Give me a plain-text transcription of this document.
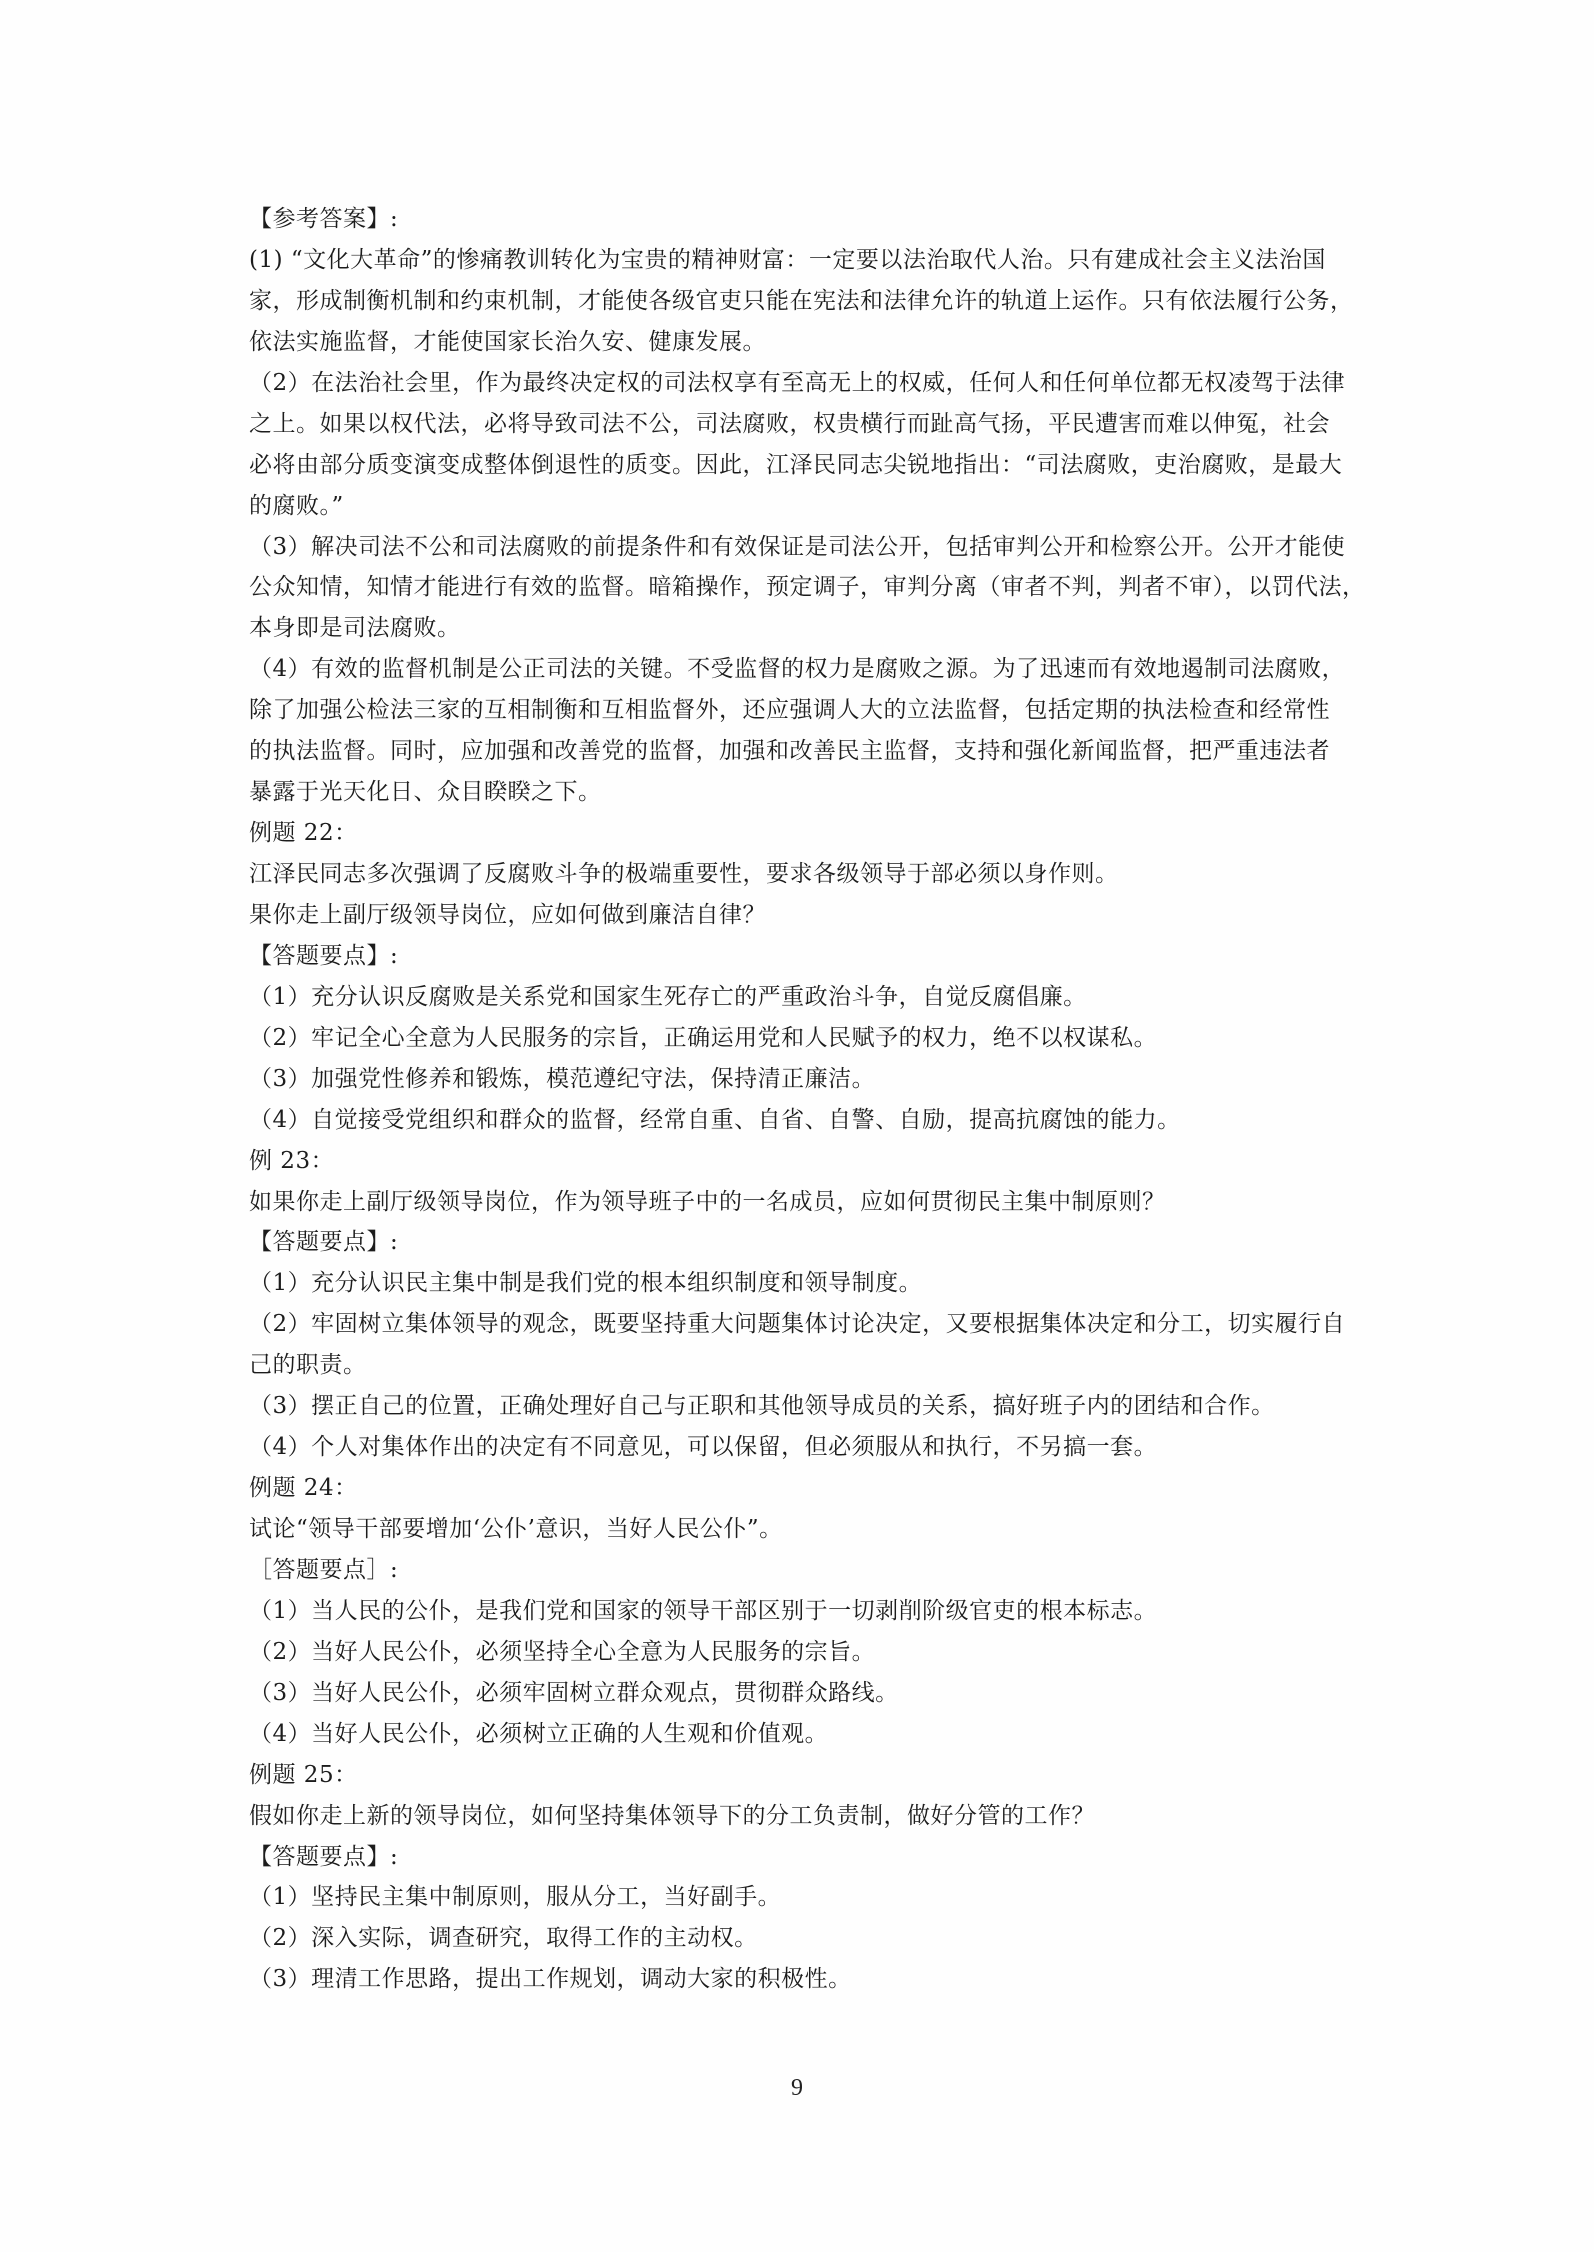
【参考答案】:
(1) “文化大革命”的惨痛教训转化为宝贵的精神财富：一定要以法治取代人治。只有建成社会主义法治国
家，形成制衡机制和约束机制，才能使各级官吏只能在宪法和法律允许的轨道上运作。只有依法履行公务，
依法实施监督，才能使国家长治久安、健康发展。
（2）在法治社会里，作为最终决定权的司法权享有至高无上的权威，任何人和任何单位都无权凌驾于法律
之上。如果以权代法，必将导致司法不公，司法腐败，权贵横行而趾高气扬，平民遭害而难以伸冤，社会
必将由部分质变演变成整体倒退性的质变。因此，江泽民同志尖锐地指出：“司法腐败，吏治腐败，是最大
的腐败。”
（3）解决司法不公和司法腐败的前提条件和有效保证是司法公开，包括审判公开和检察公开。公开才能使
公众知情，知情才能进行有效的监督。暗箱操作，预定调子，审判分离（审者不判，判者不审），以罚代法，
本身即是司法腐败。
（4）有效的监督机制是公正司法的关键。不受监督的权力是腐败之源。为了迅速而有效地遏制司法腐败，
除了加强公检法三家的互相制衡和互相监督外，还应强调人大的立法监督，包括定期的执法检查和经常性
的执法监督。同时，应加强和改善党的监督，加强和改善民主监督，支持和强化新闻监督，把严重违法者
暴露于光天化日、众目睽睽之下。
例题 22：
江泽民同志多次强调了反腐败斗争的极端重要性，要求各级领导于部必须以身作则。
果你走上副厅级领导岗位，应如何做到廉洁自律？
【答题要点】:
（1）充分认识反腐败是关系党和国家生死存亡的严重政治斗争，自觉反腐倡廉。
（2）牢记全心全意为人民服务的宗旨，正确运用党和人民赋予的权力，绝不以权谋私。
（3）加强党性修养和锻炼，模范遵纪守法，保持清正廉洁。
（4）自觉接受党组织和群众的监督，经常自重、自省、自警、自励，提高抗腐蚀的能力。
例 23：
如果你走上副厅级领导岗位，作为领导班子中的一名成员，应如何贯彻民主集中制原则？
【答题要点】:
（1）充分认识民主集中制是我们党的根本组织制度和领导制度。
（2）牢固树立集体领导的观念，既要坚持重大问题集体讨论决定，又要根据集体决定和分工，切实履行自
己的职责。
（3）摆正自己的位置，正确处理好自己与正职和其他领导成员的关系，搞好班子内的团结和合作。
（4）个人对集体作出的决定有不同意见，可以保留，但必须服从和执行，不另搞一套。
例题 24：
试论“领导干部要增加‘公仆’意识，当好人民公仆”。
［答题要点］:
（1）当人民的公仆，是我们党和国家的领导干部区别于一切剥削阶级官吏的根本标志。
（2）当好人民公仆，必须坚持全心全意为人民服务的宗旨。
（3）当好人民公仆，必须牢固树立群众观点，贯彻群众路线。
（4）当好人民公仆，必须树立正确的人生观和价值观。
例题 25：
假如你走上新的领导岗位，如何坚持集体领导下的分工负责制，做好分管的工作？
【答题要点】:
（1）坚持民主集中制原则，服从分工，当好副手。
（2）深入实际，调查研究，取得工作的主动权。
（3）理清工作思路，提出工作规划，调动大家的积极性。
9
